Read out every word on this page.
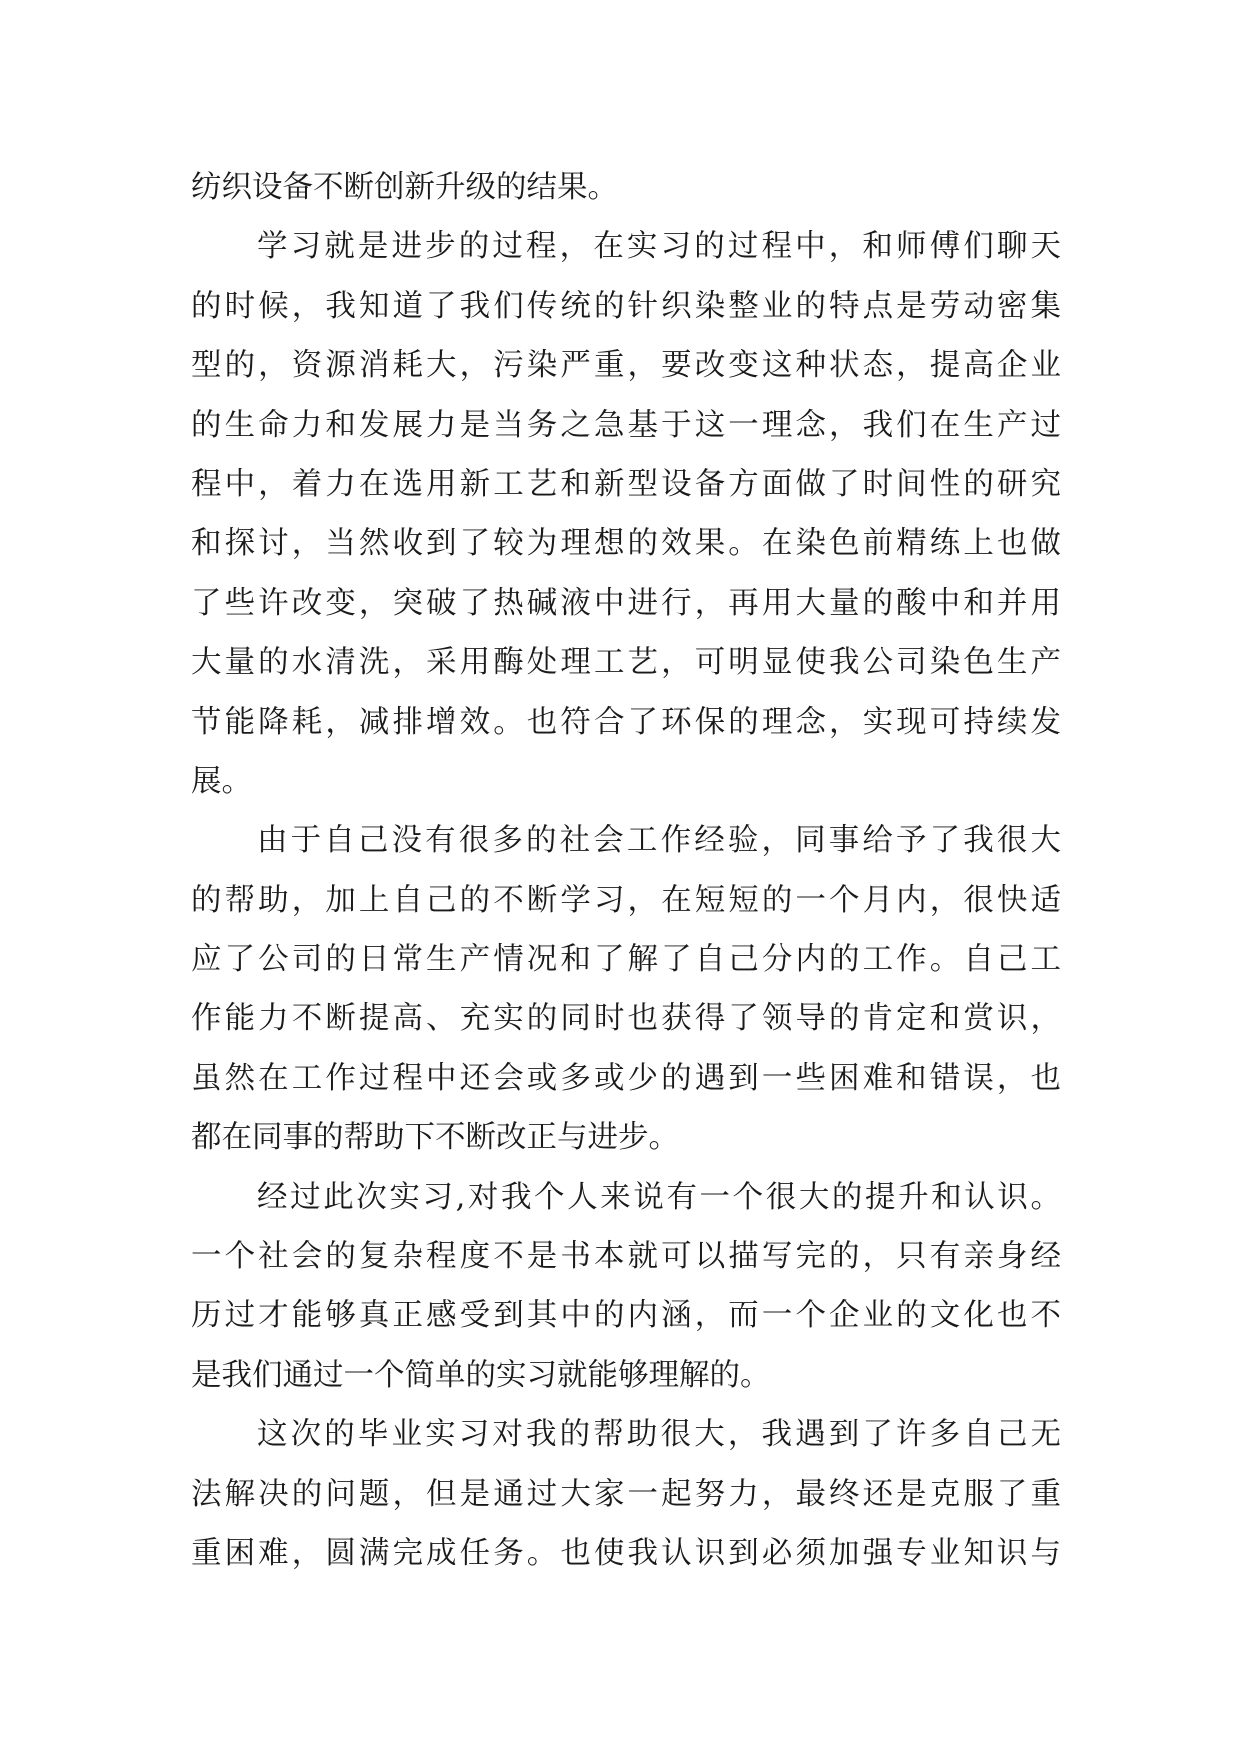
纺织设备不断创新升级的结果。
学习就是进步的过程，在实习的过程中，和师傅们聊天
的时候，我知道了我们传统的针织染整业的特点是劳动密集
型的，资源消耗大，污染严重，要改变这种状态，提高企业
的生命力和发展力是当务之急基于这一理念，我们在生产过
程中，着力在选用新工艺和新型设备方面做了时间性的研究
和探讨，当然收到了较为理想的效果。在染色前精练上也做
了些许改变，突破了热碱液中进行，再用大量的酸中和并用
大量的水清洗，采用酶处理工艺，可明显使我公司染色生产
节能降耗，减排增效。也符合了环保的理念，实现可持续发
展。
由于自己没有很多的社会工作经验，同事给予了我很大
的帮助，加上自己的不断学习，在短短的一个月内，很快适
应了公司的日常生产情况和了解了自己分内的工作。自己工
作能力不断提高、充实的同时也获得了领导的肯定和赏识，
虽然在工作过程中还会或多或少的遇到一些困难和错误，也
都在同事的帮助下不断改正与进步。
经过此次实习,对我个人来说有一个很大的提升和认识。
一个社会的复杂程度不是书本就可以描写完的，只有亲身经
历过才能够真正感受到其中的内涵，而一个企业的文化也不
是我们通过一个简单的实习就能够理解的。
这次的毕业实习对我的帮助很大，我遇到了许多自己无
法解决的问题，但是通过大家一起努力，最终还是克服了重
重困难，圆满完成任务。也使我认识到必须加强专业知识与
